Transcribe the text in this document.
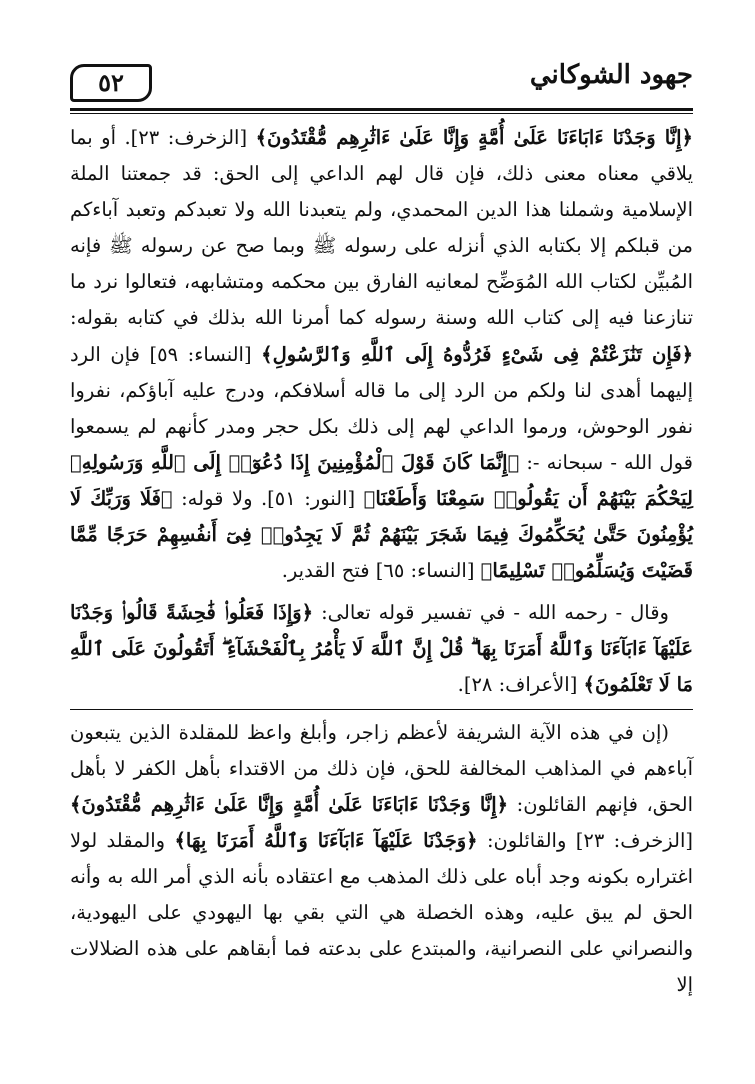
جهود الشوكاني
٥٢

﴿إِنَّا وَجَدْنَا ءَابَاءَنَا عَلَىٰ أُمَّةٍ وَإِنَّا عَلَىٰ ءَاثَٰرِهِم مُّقْتَدُونَ﴾ [الزخرف: ٢٣]. أو بما يلاقي معناه معنى ذلك، فإن قال لهم الداعي إلى الحق: قد جمعتنا الملة الإسلامية وشملنا هذا الدين المحمدي، ولم يتعبدنا الله ولا تعبدكم وتعبد آباءكم من قبلكم إلا بكتابه الذي أنزله على رسوله ﷺ وبما صح عن رسوله ﷺ فإنه المُبيِّن لكتاب الله المُوَضِّح لمعانيه الفارق بين محكمه ومتشابهه، فتعالوا نرد ما تنازعنا فيه إلى كتاب الله وسنة رسوله كما أمرنا الله بذلك في كتابه بقوله: ﴿فَإِن تَنَٰزَعْتُمْ فِى شَىْءٍ فَرُدُّوهُ إِلَى ٱللَّهِ وَٱلرَّسُولِ﴾ [النساء: ٥٩] فإن الرد إليهما أهدى لنا ولكم من الرد إلى ما قاله أسلافكم، ودرج عليه آباؤكم، نفروا نفور الوحوش، ورموا الداعي لهم إلى ذلك بكل حجر ومدر كأنهم لم يسمعوا قول الله - سبحانه -: ﴿إِنَّمَا كَانَ قَوْلَ ٱلْمُؤْمِنِينَ إِذَا دُعُوٓا۟ إِلَى ٱللَّهِ وَرَسُولِهِۦ لِيَحْكُمَ بَيْنَهُمْ أَن يَقُولُوا۟ سَمِعْنَا وَأَطَعْنَا﴾ [النور: ٥١]. ولا قوله: ﴿فَلَا وَرَبِّكَ لَا يُؤْمِنُونَ حَتَّىٰ يُحَكِّمُوكَ فِيمَا شَجَرَ بَيْنَهُمْ ثُمَّ لَا يَجِدُوا۟ فِىٓ أَنفُسِهِمْ حَرَجًا مِّمَّا قَضَيْتَ وَيُسَلِّمُوا۟ تَسْلِيمًا﴾ [النساء: ٦٥] فتح القدير.

وقال - رحمه الله - في تفسير قوله تعالى: ﴿وَإِذَا فَعَلُوا۟ فَٰحِشَةً قَالُوا۟ وَجَدْنَا عَلَيْهَآ ءَابَآءَنَا وَٱللَّهُ أَمَرَنَا بِهَا ۗ قُلْ إِنَّ ٱللَّهَ لَا يَأْمُرُ بِٱلْفَحْشَآءِ ۖ أَتَقُولُونَ عَلَى ٱللَّهِ مَا لَا تَعْلَمُونَ﴾ [الأعراف: ٢٨].

(إن في هذه الآية الشريفة لأعظم زاجر، وأبلغ واعظ للمقلدة الذين يتبعون آباءهم في المذاهب المخالفة للحق، فإن ذلك من الاقتداء بأهل الكفر لا بأهل الحق، فإنهم القائلون: ﴿إِنَّا وَجَدْنَا ءَابَاءَنَا عَلَىٰ أُمَّةٍ وَإِنَّا عَلَىٰ ءَاثَٰرِهِم مُّقْتَدُونَ﴾ [الزخرف: ٢٣] والقائلون: ﴿وَجَدْنَا عَلَيْهَآ ءَابَآءَنَا وَٱللَّهُ أَمَرَنَا بِهَا﴾ والمقلد لولا اغتراره بكونه وجد أباه على ذلك المذهب مع اعتقاده بأنه الذي أمر الله به وأنه الحق لم يبق عليه، وهذه الخصلة هي التي بقي بها اليهودي على اليهودية، والنصراني على النصرانية، والمبتدع على بدعته فما أبقاهم على هذه الضلالات إلا
